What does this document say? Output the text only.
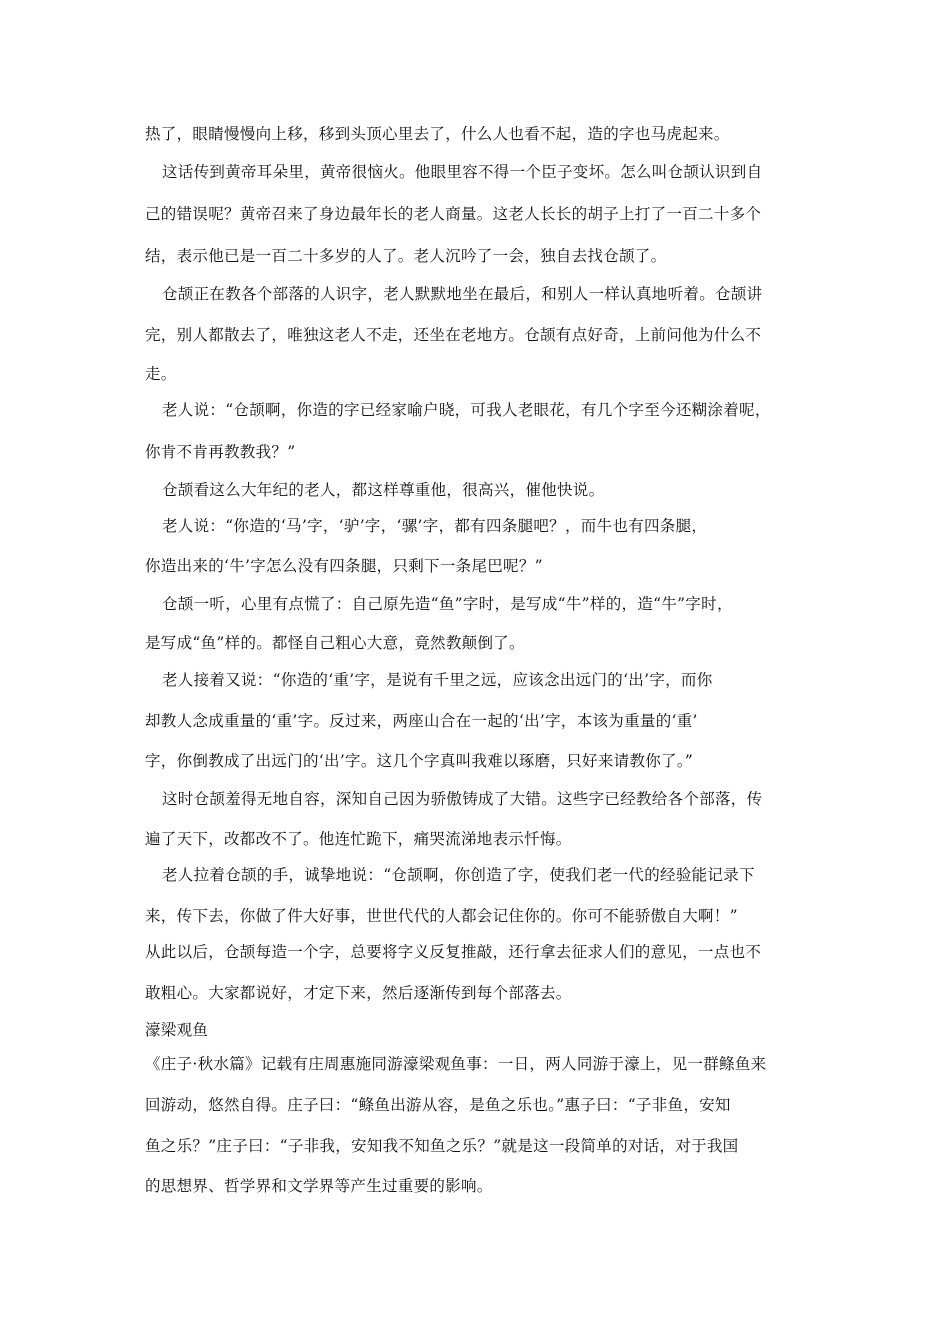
热了，眼睛慢慢向上移，移到头顶心里去了，什么人也看不起，造的字也马虎起来。

这话传到黄帝耳朵里，黄帝很恼火。他眼里容不得一个臣子变坏。怎么叫仓颉认识到自

己的错误呢？黄帝召来了身边最年长的老人商量。这老人长长的胡子上打了一百二十多个

结，表示他已是一百二十多岁的人了。老人沉吟了一会，独自去找仓颉了。

仓颉正在教各个部落的人识字，老人默默地坐在最后，和别人一样认真地听着。仓颉讲

完，别人都散去了，唯独这老人不走，还坐在老地方。仓颉有点好奇，上前问他为什么不

走。

老人说：“仓颉啊，你造的字已经家喻户晓，可我人老眼花，有几个字至今还糊涂着呢，

你肯不肯再教教我？”

仓颉看这么大年纪的老人，都这样尊重他，很高兴，催他快说。

老人说：“你造的‘马’字，‘驴’字，‘骡’字，都有四条腿吧？，而牛也有四条腿，

你造出来的‘牛’字怎么没有四条腿，只剩下一条尾巴呢？”

仓颉一听，心里有点慌了：自己原先造“鱼”字时，是写成“牛”样的，造“牛”字时，

是写成“鱼”样的。都怪自己粗心大意，竟然教颠倒了。

老人接着又说：“你造的‘重’字，是说有千里之远，应该念出远门的‘出’字，而你

却教人念成重量的‘重’字。反过来，两座山合在一起的‘出’字，本该为重量的‘重’

字，你倒教成了出远门的‘出’字。这几个字真叫我难以琢磨，只好来请教你了。”

这时仓颉羞得无地自容，深知自己因为骄傲铸成了大错。这些字已经教给各个部落，传

遍了天下，改都改不了。他连忙跪下，痛哭流涕地表示忏悔。

老人拉着仓颉的手，诚挚地说：“仓颉啊，你创造了字，使我们老一代的经验能记录下

来，传下去，你做了件大好事，世世代代的人都会记住你的。你可不能骄傲自大啊！”

从此以后，仓颉每造一个字，总要将字义反复推敲，还行拿去征求人们的意见，一点也不

敢粗心。大家都说好，才定下来，然后逐渐传到每个部落去。

濠梁观鱼

《庄子·秋水篇》记载有庄周惠施同游濠梁观鱼事：一日，两人同游于濠上，见一群鲦鱼来

回游动，悠然自得。庄子曰：“鲦鱼出游从容，是鱼之乐也。”惠子曰：“子非鱼，安知

鱼之乐？”庄子曰：“子非我，安知我不知鱼之乐？”就是这一段简单的对话，对于我国

的思想界、哲学界和文学界等产生过重要的影响。
